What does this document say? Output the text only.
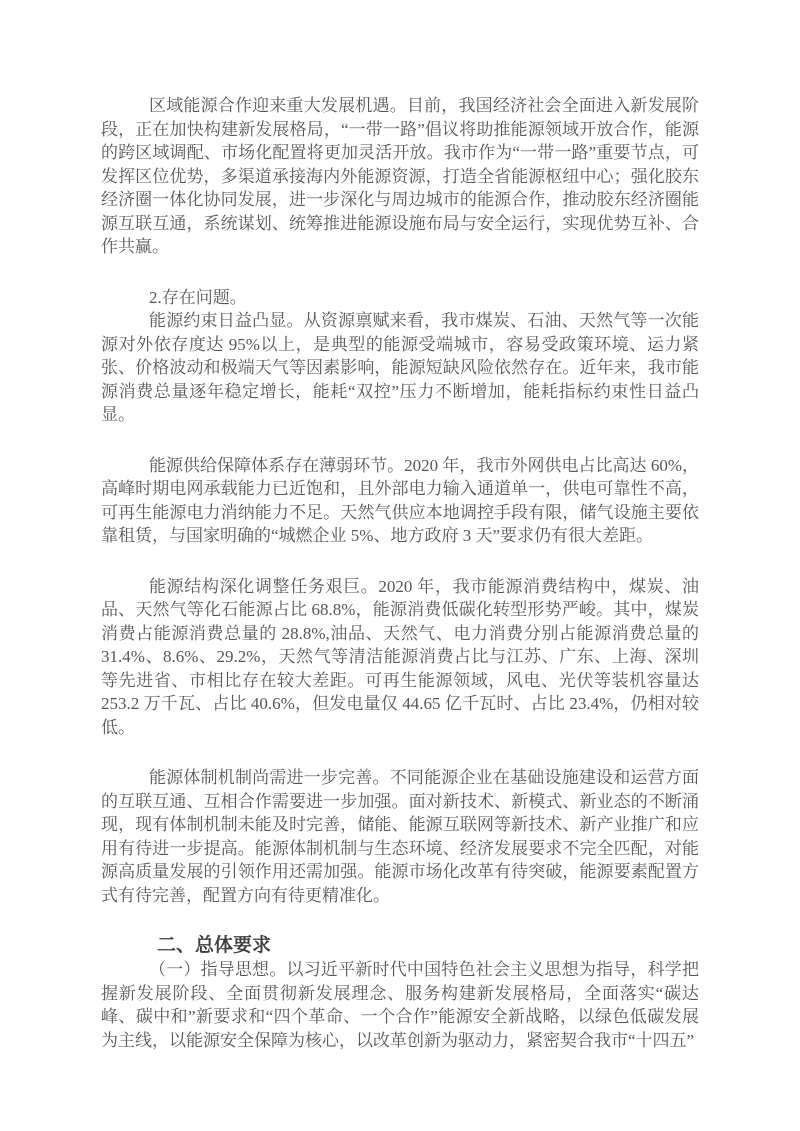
区域能源合作迎来重大发展机遇。目前，我国经济社会全面进入新发展阶段，正在加快构建新发展格局，“一带一路”倡议将助推能源领域开放合作，能源的跨区域调配、市场化配置将更加灵活开放。我市作为“一带一路”重要节点，可发挥区位优势，多渠道承接海内外能源资源，打造全省能源枢纽中心；强化胶东经济圈一体化协同发展，进一步深化与周边城市的能源合作，推动胶东经济圈能源互联互通，系统谋划、统筹推进能源设施布局与安全运行，实现优势互补、合作共赢。

2.存在问题。

能源约束日益凸显。从资源禀赋来看，我市煤炭、石油、天然气等一次能源对外依存度达 95%以上，是典型的能源受端城市，容易受政策环境、运力紧张、价格波动和极端天气等因素影响，能源短缺风险依然存在。近年来，我市能源消费总量逐年稳定增长，能耗“双控”压力不断增加，能耗指标约束性日益凸显。

能源供给保障体系存在薄弱环节。2020 年，我市外网供电占比高达 60%，高峰时期电网承载能力已近饱和，且外部电力输入通道单一，供电可靠性不高，可再生能源电力消纳能力不足。天然气供应本地调控手段有限，储气设施主要依靠租赁，与国家明确的“城燃企业 5%、地方政府 3 天”要求仍有很大差距。

能源结构深化调整任务艰巨。2020 年，我市能源消费结构中，煤炭、油品、天然气等化石能源占比 68.8%，能源消费低碳化转型形势严峻。其中，煤炭消费占能源消费总量的 28.8%,油品、天然气、电力消费分别占能源消费总量的 31.4%、8.6%、29.2%，天然气等清洁能源消费占比与江苏、广东、上海、深圳等先进省、市相比存在较大差距。可再生能源领域，风电、光伏等装机容量达 253.2 万千瓦、占比 40.6%，但发电量仅 44.65 亿千瓦时、占比 23.4%，仍相对较低。

能源体制机制尚需进一步完善。不同能源企业在基础设施建设和运营方面的互联互通、互相合作需要进一步加强。面对新技术、新模式、新业态的不断涌现，现有体制机制未能及时完善，储能、能源互联网等新技术、新产业推广和应用有待进一步提高。能源体制机制与生态环境、经济发展要求不完全匹配，对能源高质量发展的引领作用还需加强。能源市场化改革有待突破，能源要素配置方式有待完善，配置方向有待更精准化。

二、总体要求

（一）指导思想。以习近平新时代中国特色社会主义思想为指导，科学把握新发展阶段、全面贯彻新发展理念、服务构建新发展格局，全面落实“碳达峰、碳中和”新要求和“四个革命、一个合作”能源安全新战略，以绿色低碳发展为主线，以能源安全保障为核心，以改革创新为驱动力，紧密契合我市“十四五”
